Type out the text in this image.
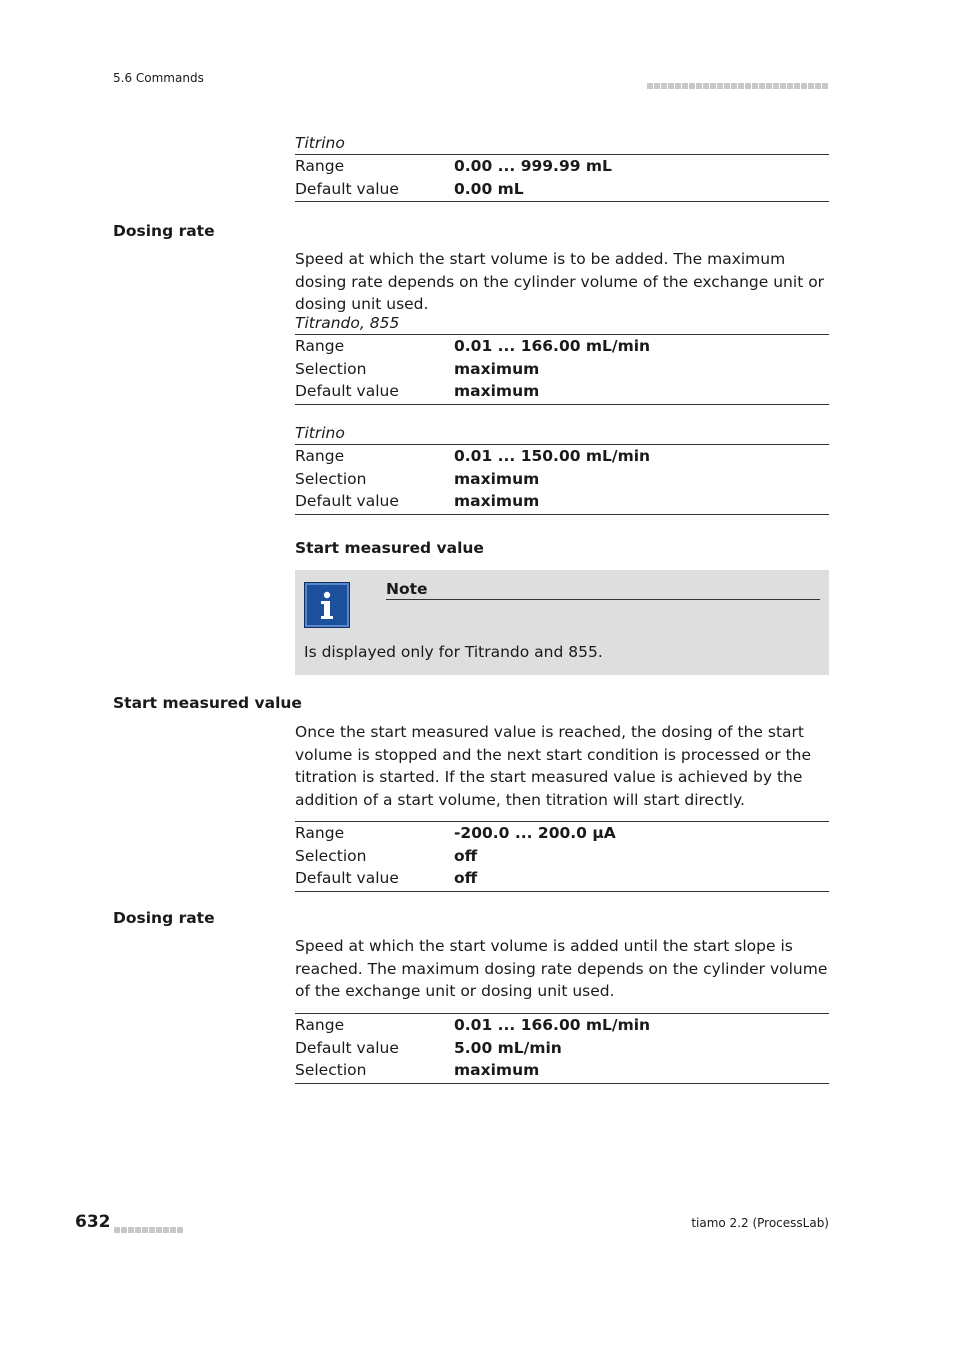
5.6 Commands
Titrino
Range	0.00 ... 999.99 mL
Default value	0.00 mL
Dosing rate
Speed at which the start volume is to be added. The maximum dosing rate depends on the cylinder volume of the exchange unit or dosing unit used.
Titrando, 855
Range	0.01 ... 166.00 mL/min
Selection	maximum
Default value	maximum
Titrino
Range	0.01 ... 150.00 mL/min
Selection	maximum
Default value	maximum
Start measured value
Note
Is displayed only for Titrando and 855.
Start measured value
Once the start measured value is reached, the dosing of the start volume is stopped and the next start condition is processed or the titration is started. If the start measured value is achieved by the addition of a start volume, then titration will start directly.
Range	-200.0 ... 200.0 µA
Selection	off
Default value	off
Dosing rate
Speed at which the start volume is added until the start slope is reached. The maximum dosing rate depends on the cylinder volume of the exchange unit or dosing unit used.
Range	0.01 ... 166.00 mL/min
Default value	5.00 mL/min
Selection	maximum
632	tiamo 2.2 (ProcessLab)
